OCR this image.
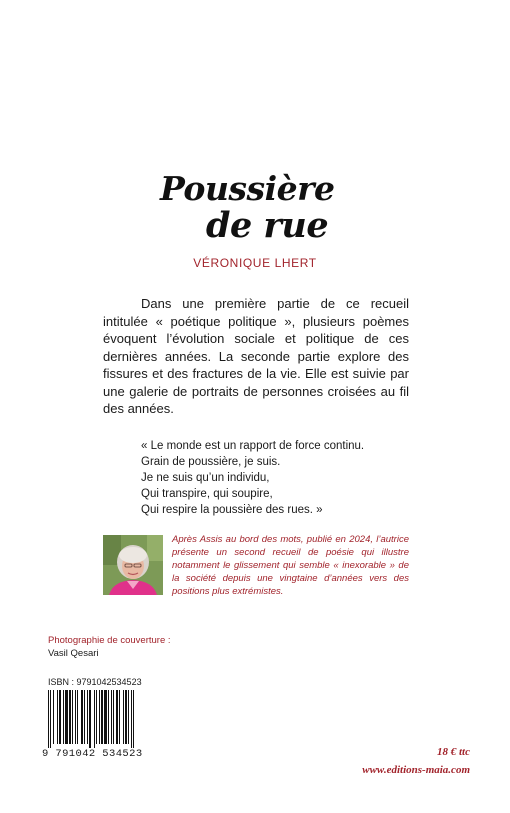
Poussière
de rue
VÉRONIQUE LHERT

Dans une première partie de ce recueil intitulée « poétique politique », plusieurs poèmes évoquent l’évolution sociale et politique de ces dernières années. La seconde partie explore des fissures et des fractures de la vie. Elle est suivie par une galerie de portraits de personnes croisées au fil des années.

« Le monde est un rapport de force continu.
Grain de poussière, je suis.
Je ne suis qu’un individu,
Qui transpire, qui soupire,
Qui respire la poussière des rues. »

Après Assis au bord des mots, publié en 2024, l’autrice présente un second recueil de poésie qui illustre notamment le glissement qui semble « inexorable » de la société depuis une vingtaine d’années vers des positions plus extrémistes.

Photographie de couverture :
Vasil Qesari
ISBN : 9791042534523
9 791042 534523	18 € ttc
www.editions-maia.com
